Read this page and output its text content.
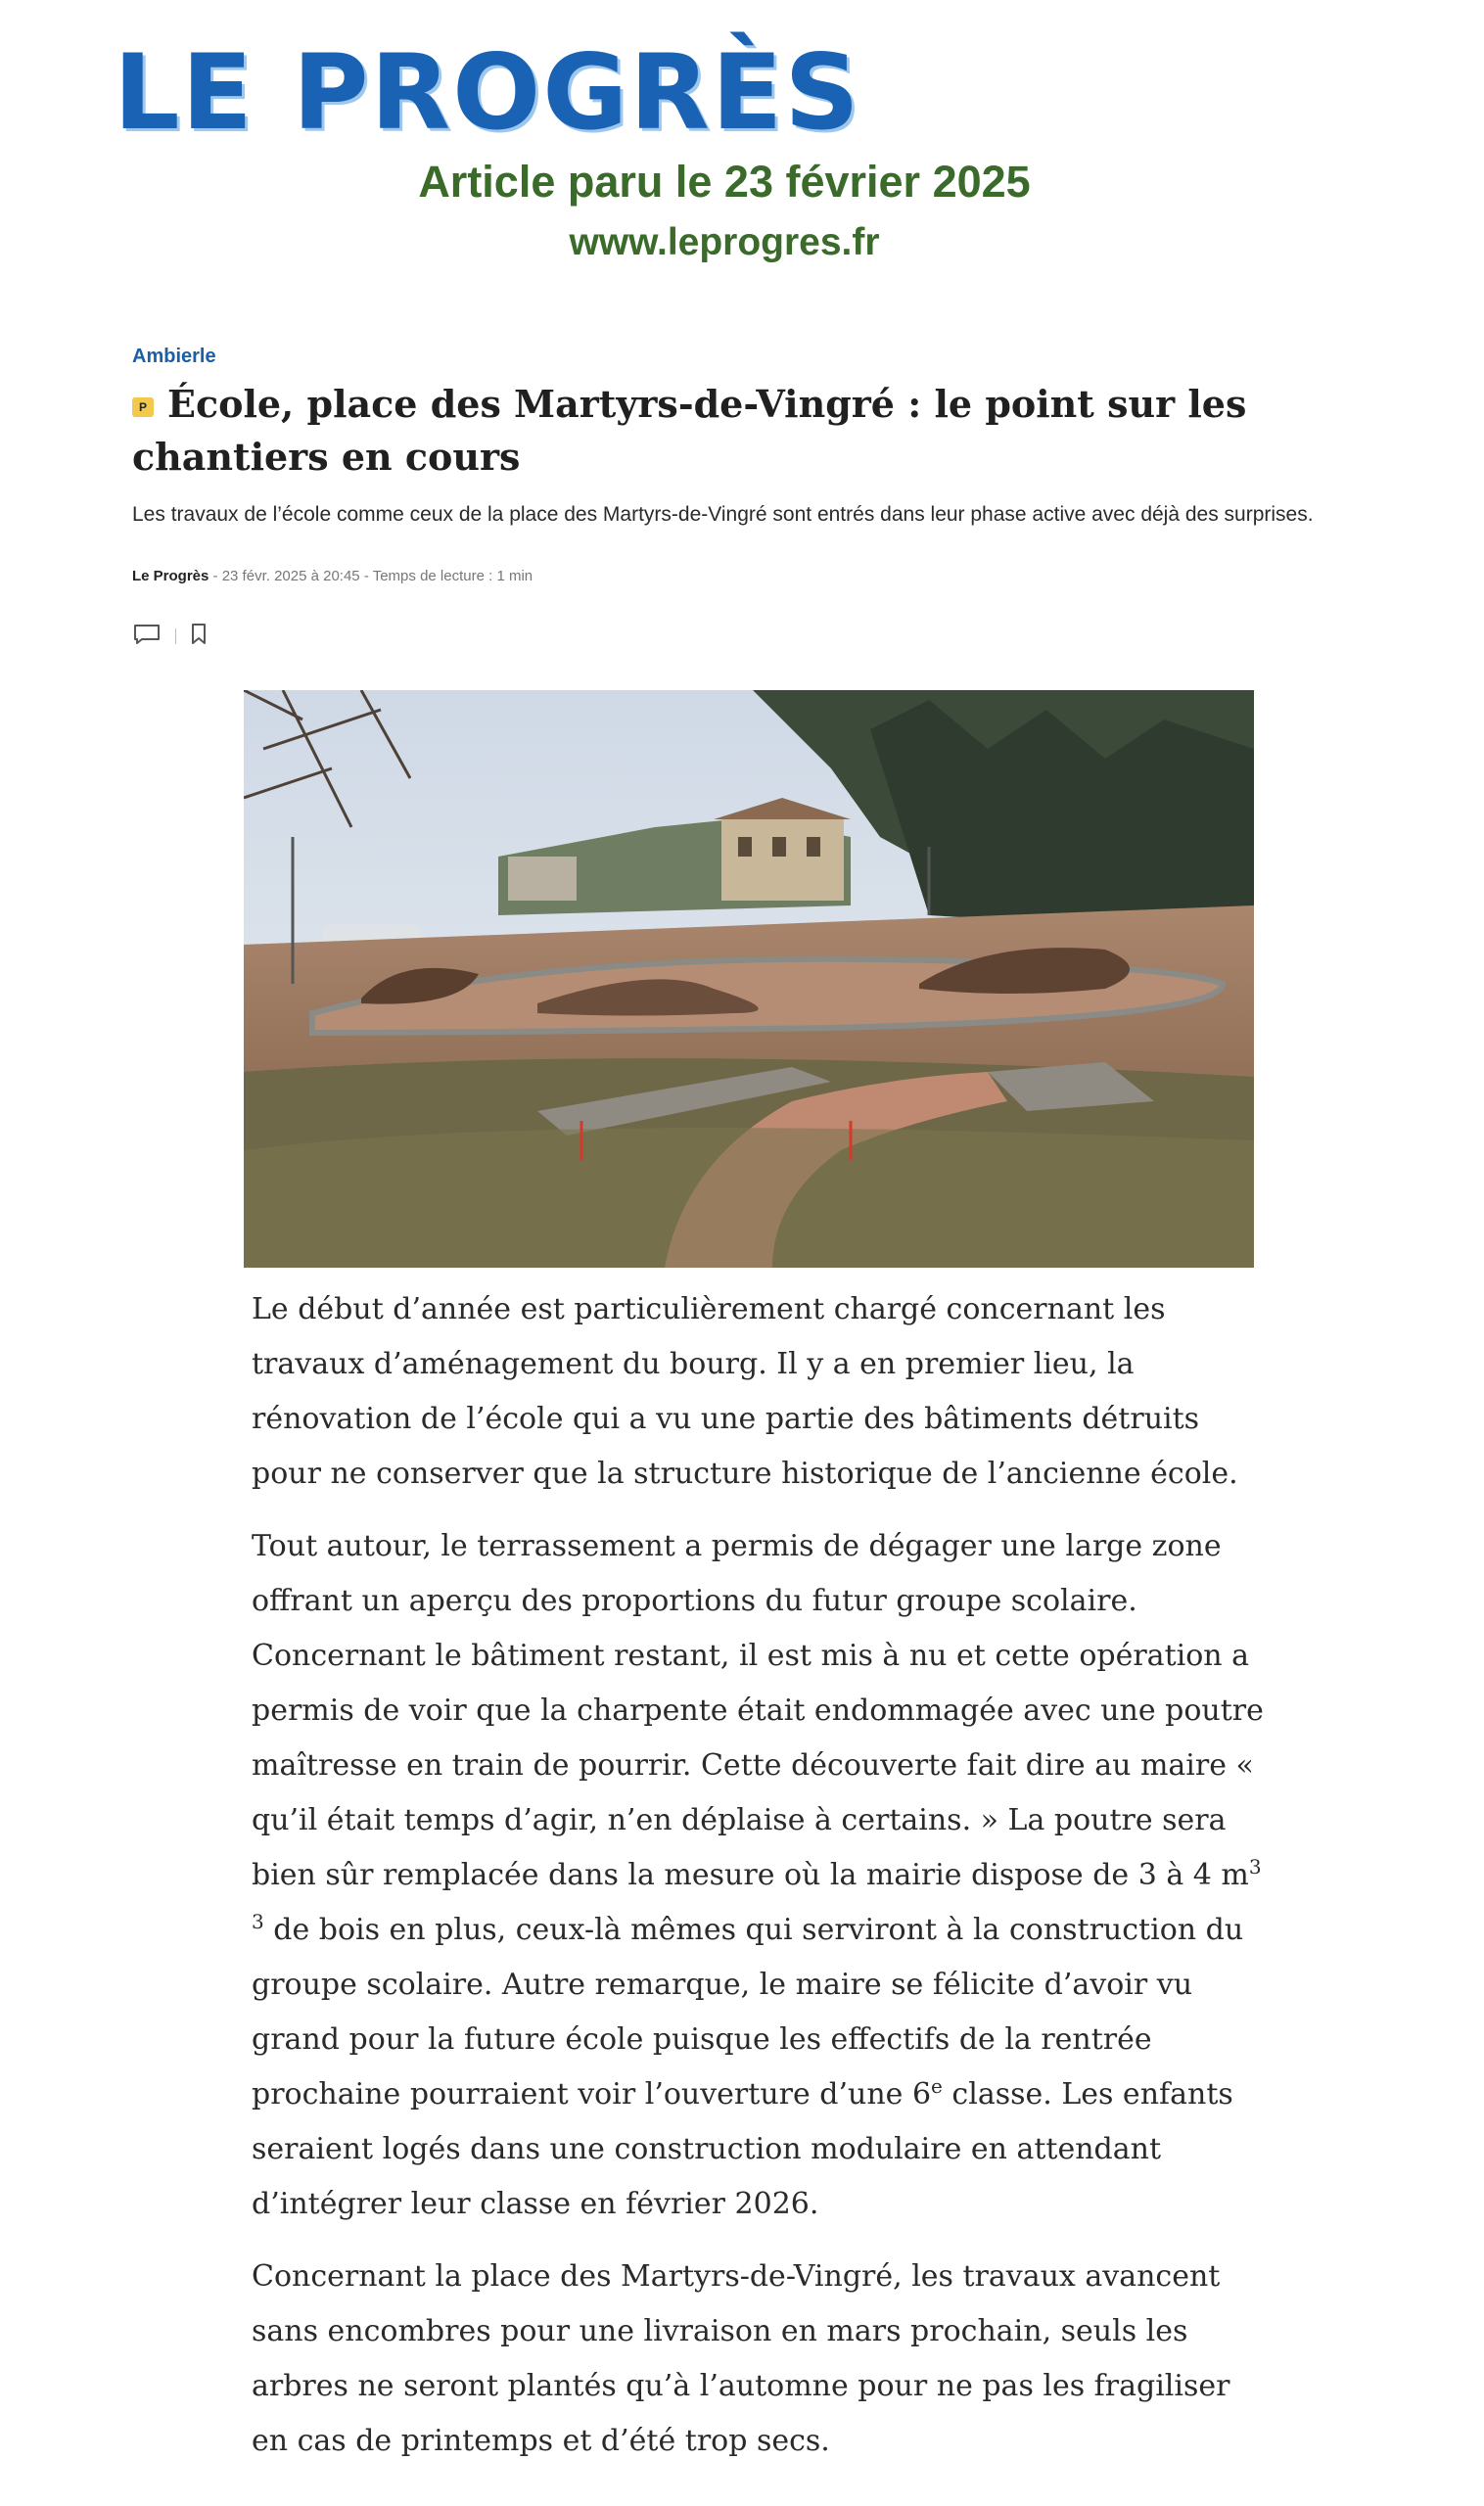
LE PROGRÈS
Article paru le 23 février 2025
www.leprogres.fr
Ambierle
P École, place des Martyrs-de-Vingré : le point sur les chantiers en cours
Les travaux de l’école comme ceux de la place des Martyrs-de-Vingré sont entrés dans leur phase active avec déjà des surprises.
Le Progrès - 23 févr. 2025 à 20:45 - Temps de lecture : 1 min

Le début d’année est particulièrement chargé concernant les travaux d’aménagement du bourg. Il y a en premier lieu, la rénovation de l’école qui a vu une partie des bâtiments détruits pour ne conserver que la structure historique de l’ancienne école.

Tout autour, le terrassement a permis de dégager une large zone offrant un aperçu des proportions du futur groupe scolaire. Concernant le bâtiment restant, il est mis à nu et cette opération a permis de voir que la charpente était endommagée avec une poutre maîtresse en train de pourrir. Cette découverte fait dire au maire « qu’il était temps d’agir, n’en déplaise à certains. » La poutre sera bien sûr remplacée dans la mesure où la mairie dispose de 3 à 4 $m^{3 3}$ de bois en plus, ceux-là mêmes qui serviront à la construction du groupe scolaire. Autre remarque, le maire se félicite d’avoir vu grand pour la future école puisque les effectifs de la rentrée prochaine pourraient voir l’ouverture d’une 6e classe. Les enfants seraient logés dans une construction modulaire en attendant d’intégrer leur classe en février 2026.

Concernant la place des Martyrs-de-Vingré, les travaux avancent sans encombres pour une livraison en mars prochain, seuls les arbres ne seront plantés qu’à l’automne pour ne pas les fragiliser en cas de printemps et d’été trop secs.
